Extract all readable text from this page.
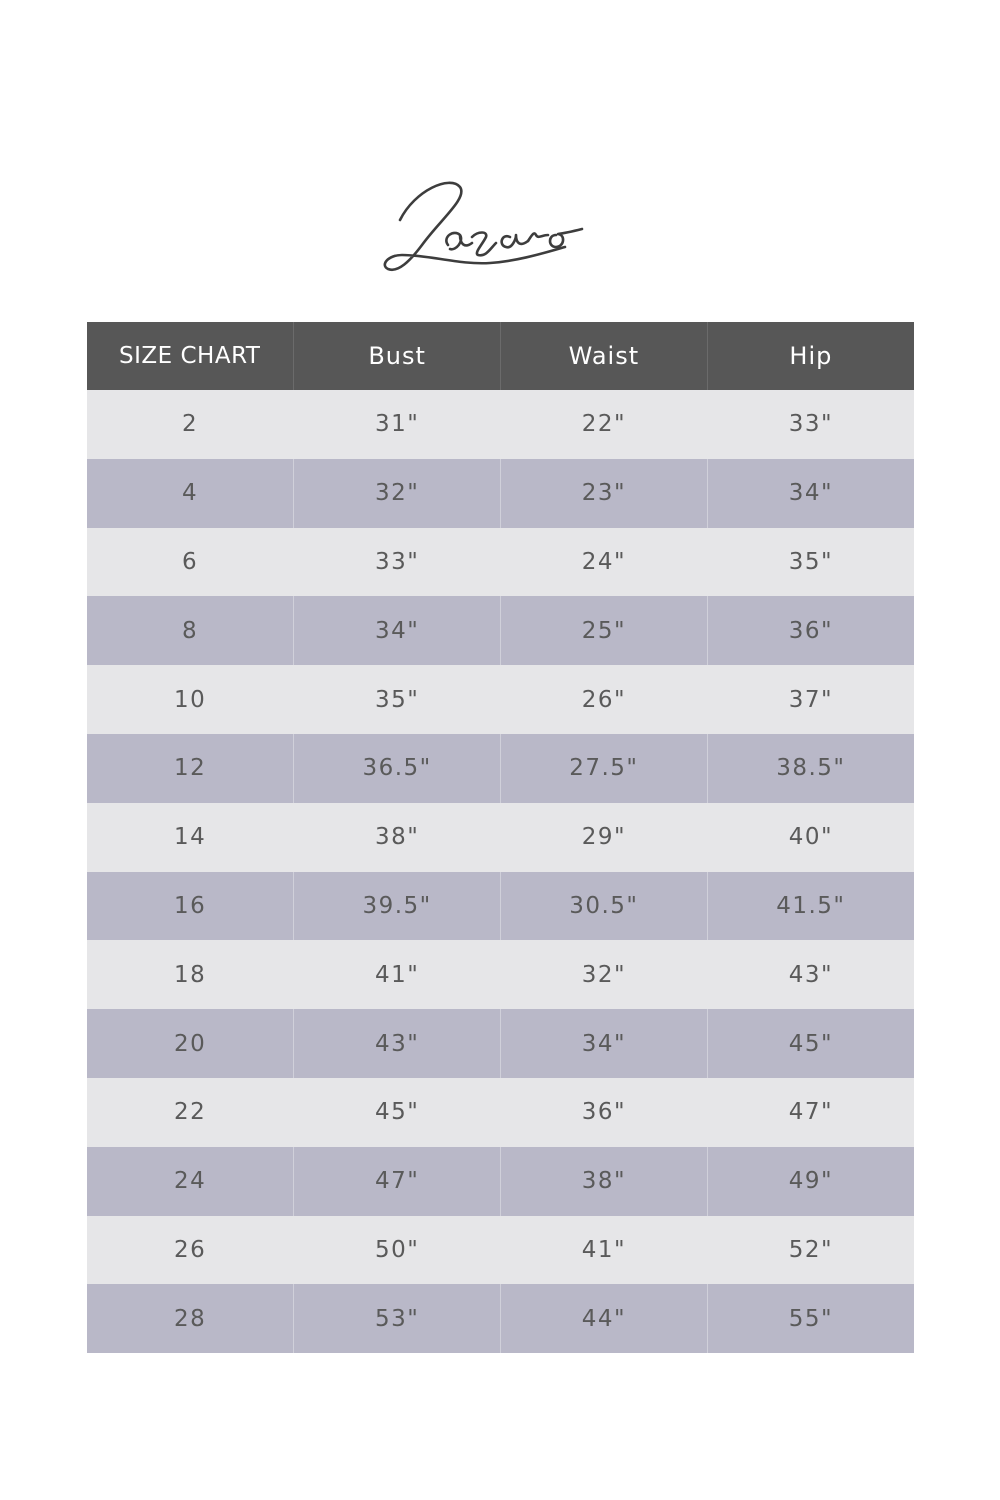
SIZE CHART	Bust	Waist	Hip
2	31"	22"	33"
4	32"	23"	34"
6	33"	24"	35"
8	34"	25"	36"
10	35"	26"	37"
12	36.5"	27.5"	38.5"
14	38"	29"	40"
16	39.5"	30.5"	41.5"
18	41"	32"	43"
20	43"	34"	45"
22	45"	36"	47"
24	47"	38"	49"
26	50"	41"	52"
28	53"	44"	55"
